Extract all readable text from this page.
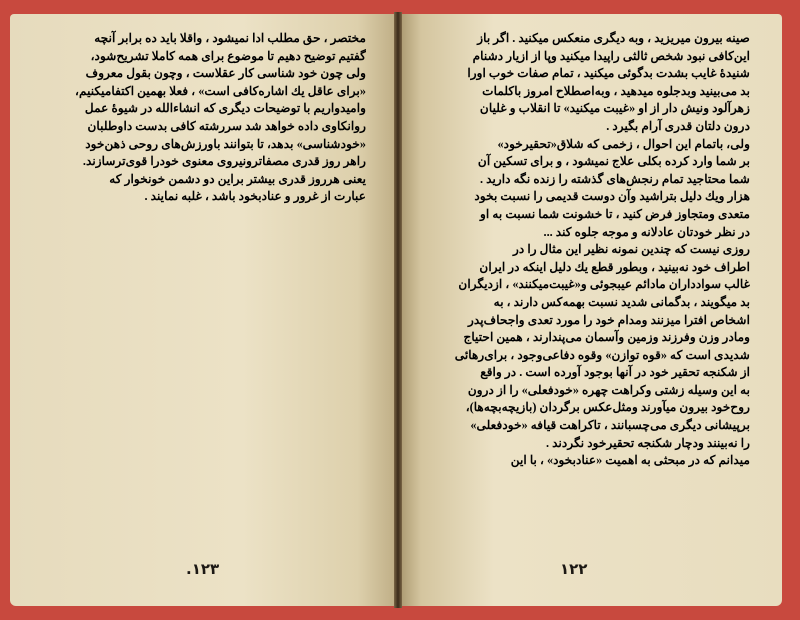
مختصر ، حق مطلب ادا نمیشود ، واقلا باید ده برابر آنچه
گفتیم توضیح دهیم تا موضوع برای همه کاملا تشریح‌شود،
ولی چون خود شناسی کار عقلاست ، وچون بقول معروف
«برای عاقل یك اشاره‌کافی است» ، فعلا بهمین اکتفامیکنیم،
وامیدواریم با توضیحات دیگری که انشاءالله در شیوهٔ عمل
روانکاوی داده خواهد شد سررشته کافی بدست داوطلبان
«خودشناسی» بدهد، تا بتوانند باورزش‌های روحی ذهن‌خود
راهر روز قدری مصفاتر‌ونیروی معنوی خودرا قوی‌ترسازند.
یعنی هرروز قدری بیشتر براین دو دشمن خونخوار که
عبارت از غرور و عنادبخود باشد ، غلبه نمایند .
صینه بیرون میریزید ، وبه دیگری منعکس میکنید . اگر باز
این‌کافی نبود شخص ثالثی راپیدا میکنید وپا از ازیار دشنام
شنیدهٔ غایب بشدت بدگوئی میکنید ، تمام صفات خوب اورا
بد می‌بینید وبدجلوه میدهید ، وبه‌اصطلاح امروز باکلمات
زهرآلود ونیش دار از او «غیبت میکنید» تا انقلاب و غلیان
درون دلتان قدری آرام بگیرد .
ولی، باتمام این احوال ، زخمی که شلاق«تحقیرخود»
بر شما وارد کرده بکلی علاج نمیشود ، و برای تسکین آن
شما محتاجید تمام رنجش‌های گذشته را زنده نگه دارید .
هزار ویك دلیل بتراشید وآن دوست قدیمی را نسبت بخود
متعدی ومتجاوز فرض کنید ، تا خشونت شما نسبت به او
در نظر خودتان عادلانه و موجه جلوه کند ...
روزی نیست که چندین نمونه نظیر این مثال را در
اطراف خود نه‌بینید ، وبطور قطع یك دلیل اینکه در ایران
غالب سوادداران مادائم عیبجوئی و«غیبت‌میکنند» ، ازدیگران
بد میگویند ، بدگمانی شدید نسبت بهمه‌کس دارند ، به
اشخاص افترا میزنند ومدام خود را مورد تعدی واجحاف‌پدر
ومادر وزن وفرزند وزمین وآسمان می‌پندارند ، همین احتیاج
شدیدی است که «قوه توازن» وقوه دفاعی‌وجود ، برای‌رهائی
از شکنجه تحقیر خود در آنها بوجود آورده است . در واقع
به این وسیله زشتی وکراهت چهره «خودفعلی» را از درون
روح‌خود بیرون میآورند ومثل‌عکس برگردان (بازیچه‌بچه‌ها)،
برپیشانی دیگری می‌چسبانند ، تاکراهت قیافه «خودفعلی»
را نه‌بینند ودچار شکنجه تحقیرخود نگردند .
میدانم که در مبحثی به اهمیت «عنادبخود» ، با این
۱۲۳.	۱۲۲
